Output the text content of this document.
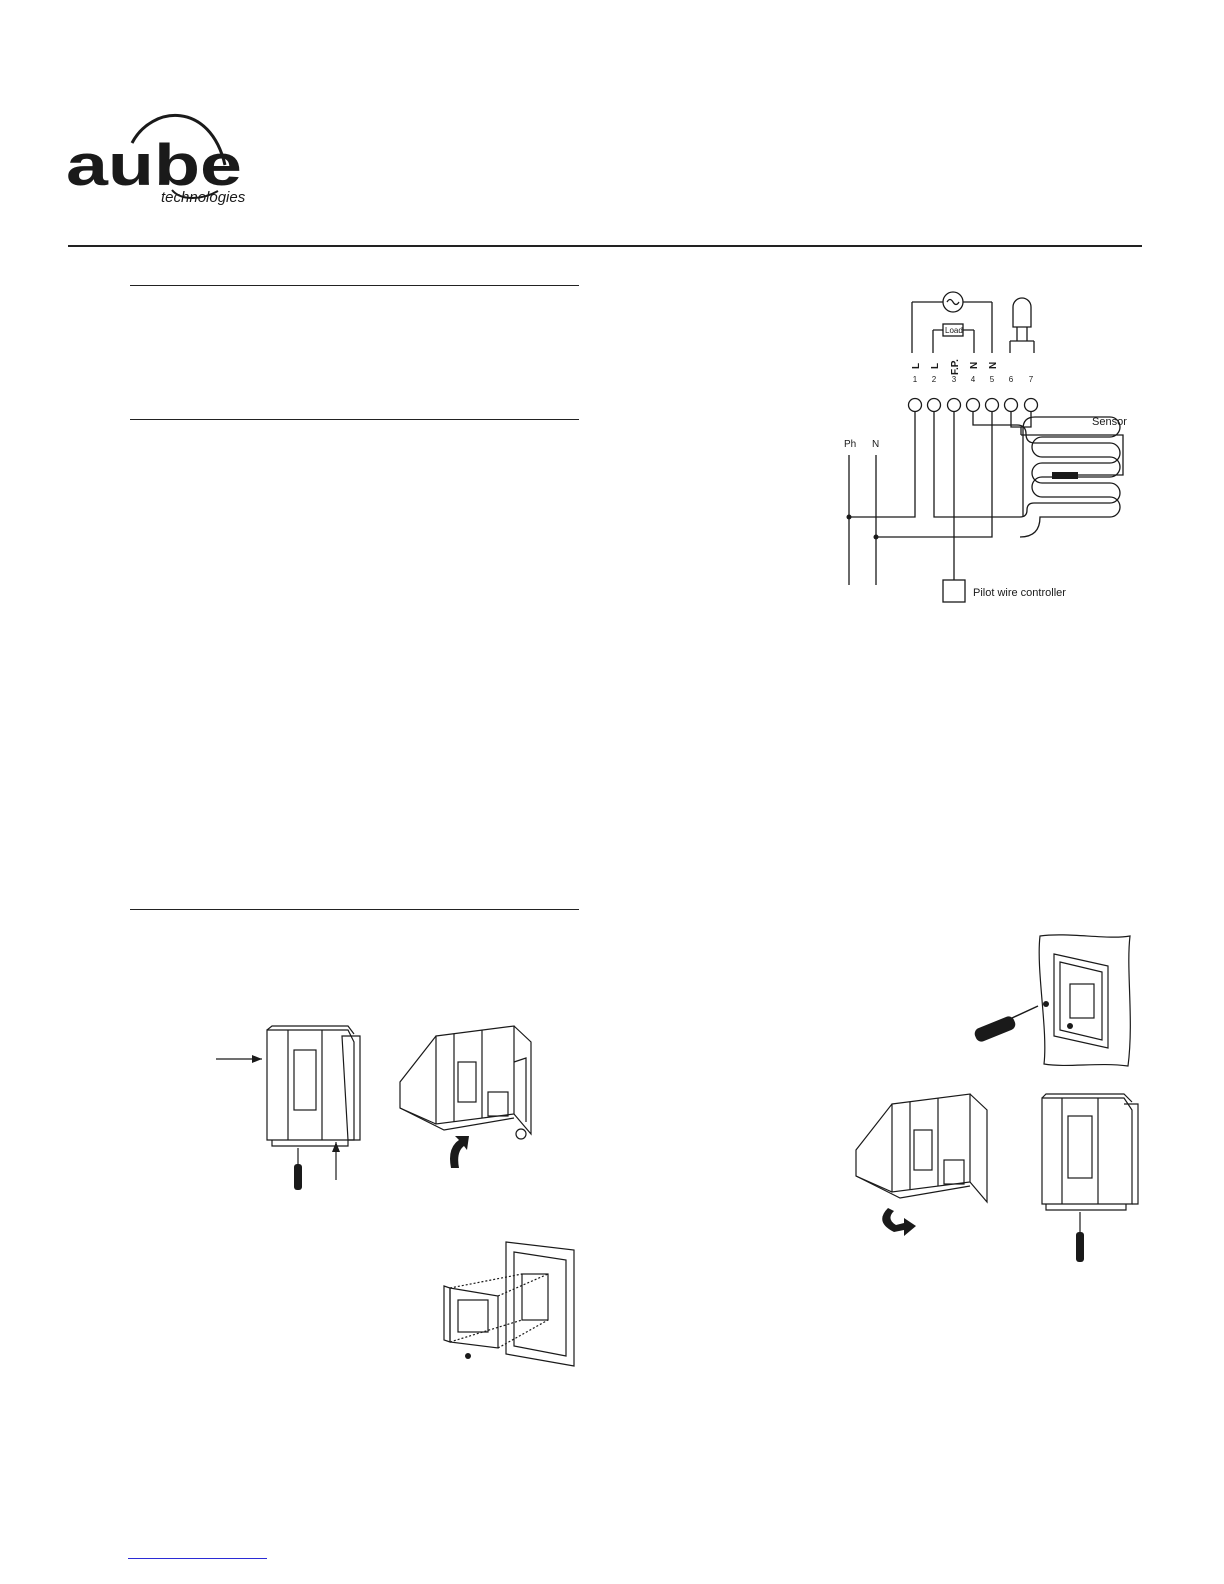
aube
technologies
L L F.P. N N
1 2 3 4 5 6 7
Load
Sensor
Ph N
Pilot wire controller
